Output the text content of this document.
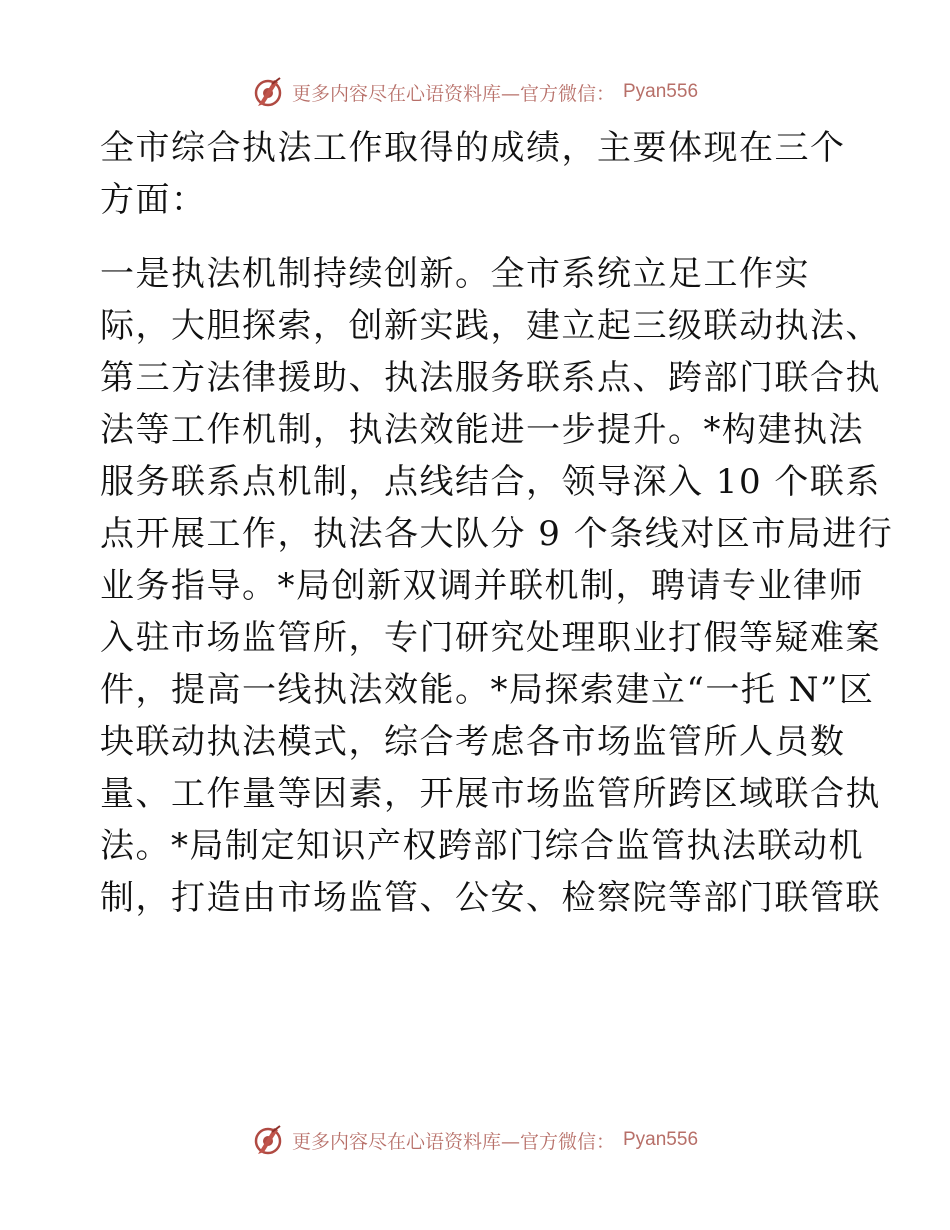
更多内容尽在心语资料库—官方微信： Pyan556

全市综合执法工作取得的成绩，主要体现在三个
方面：

一是执法机制持续创新。全市系统立足工作实
际，大胆探索，创新实践，建立起三级联动执法、
第三方法律援助、执法服务联系点、跨部门联合执
法等工作机制，执法效能进一步提升。*构建执法
服务联系点机制，点线结合，领导深入 10 个联系
点开展工作，执法各大队分 9 个条线对区市局进行
业务指导。*局创新双调并联机制，聘请专业律师
入驻市场监管所，专门研究处理职业打假等疑难案
件，提高一线执法效能。*局探索建立“一托 N”区
块联动执法模式，综合考虑各市场监管所人员数
量、工作量等因素，开展市场监管所跨区域联合执
法。*局制定知识产权跨部门综合监管执法联动机
制，打造由市场监管、公安、检察院等部门联管联

更多内容尽在心语资料库—官方微信： Pyan556
